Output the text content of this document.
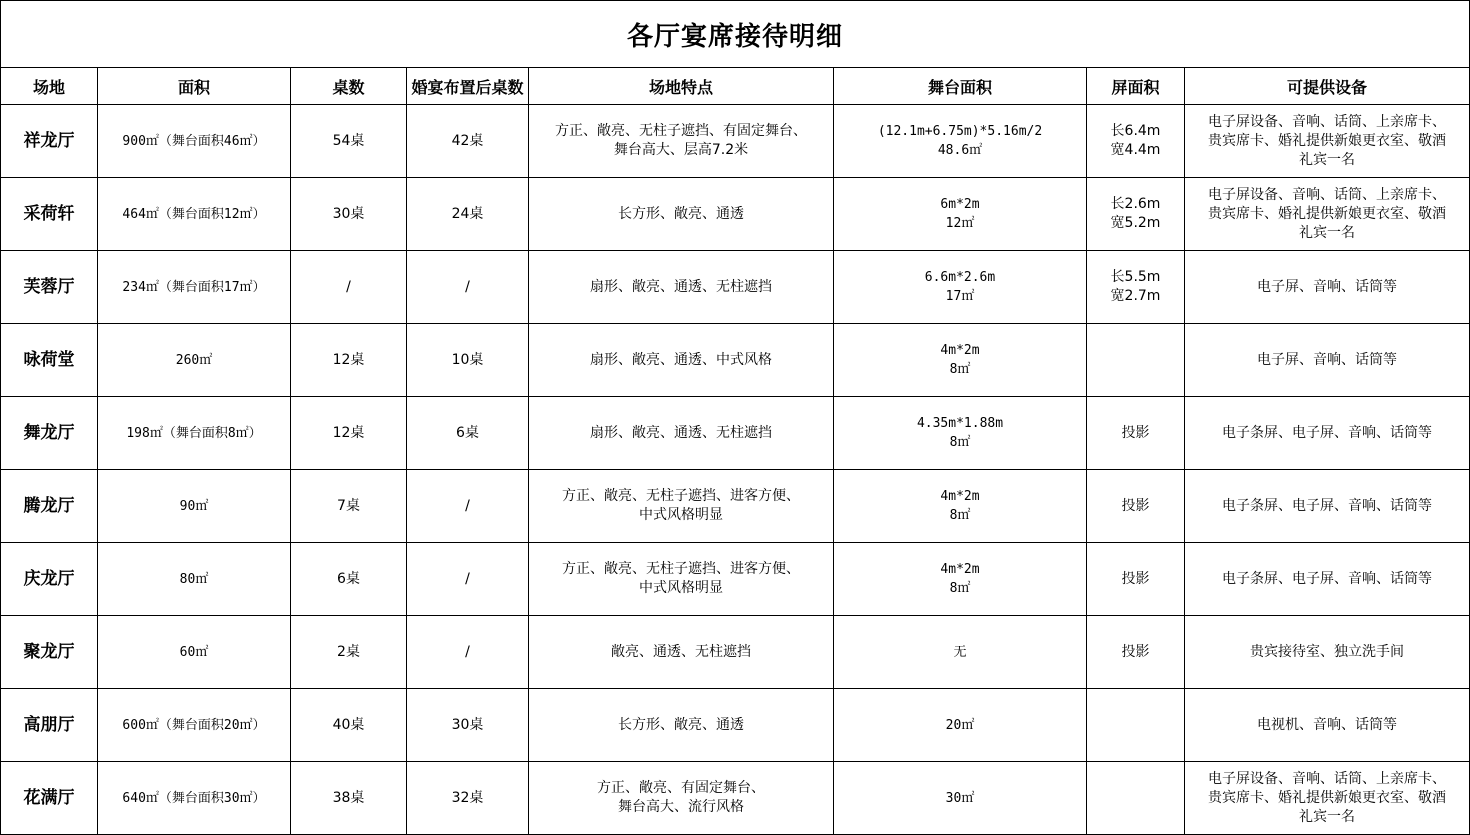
各厅宴席接待明细							
场地	面积	桌数	婚宴布置后桌数	场地特点	舞台面积	屏面积	可提供设备
祥龙厅	900㎡（舞台面积46㎡）	54桌	42桌	方正、敞亮、无柱子遮挡、有固定舞台、
舞台高大、层高7.2米	(12.1m+6.75m)*5.16m/2
48.6㎡	长6.4m
宽4.4m	电子屏设备、音响、话筒、上亲席卡、
贵宾席卡、婚礼提供新娘更衣室、敬酒
礼宾一名

采荷轩	464㎡（舞台面积12㎡）	30桌	24桌	长方形、敞亮、通透	6m*2m
12㎡	长2.6m
宽5.2m	电子屏设备、音响、话筒、上亲席卡、
贵宾席卡、婚礼提供新娘更衣室、敬酒
礼宾一名

芙蓉厅	234㎡（舞台面积17㎡）	/	/	扇形、敞亮、通透、无柱遮挡	6.6m*2.6m
17㎡	长5.5m
宽2.7m	电子屏、音响、话筒等

咏荷堂	260㎡	12桌	10桌	扇形、敞亮、通透、中式风格	4m*2m
8㎡		电子屏、音响、话筒等

舞龙厅	198㎡（舞台面积8㎡）	12桌	6桌	扇形、敞亮、通透、无柱遮挡	4.35m*1.88m
8㎡	投影	电子条屏、电子屏、音响、话筒等

腾龙厅	90㎡	7桌	/	方正、敞亮、无柱子遮挡、进客方便、
中式风格明显	4m*2m
8㎡	投影	电子条屏、电子屏、音响、话筒等

庆龙厅	80㎡	6桌	/	方正、敞亮、无柱子遮挡、进客方便、
中式风格明显	4m*2m
8㎡	投影	电子条屏、电子屏、音响、话筒等

聚龙厅	60㎡	2桌	/	敞亮、通透、无柱遮挡	无	投影	贵宾接待室、独立洗手间

高朋厅	600㎡（舞台面积20㎡）	40桌	30桌	长方形、敞亮、通透	20㎡		电视机、音响、话筒等

花满厅	640㎡（舞台面积30㎡）	38桌	32桌	方正、敞亮、有固定舞台、
舞台高大、流行风格	30㎡		电子屏设备、音响、话筒、上亲席卡、
贵宾席卡、婚礼提供新娘更衣室、敬酒
礼宾一名
